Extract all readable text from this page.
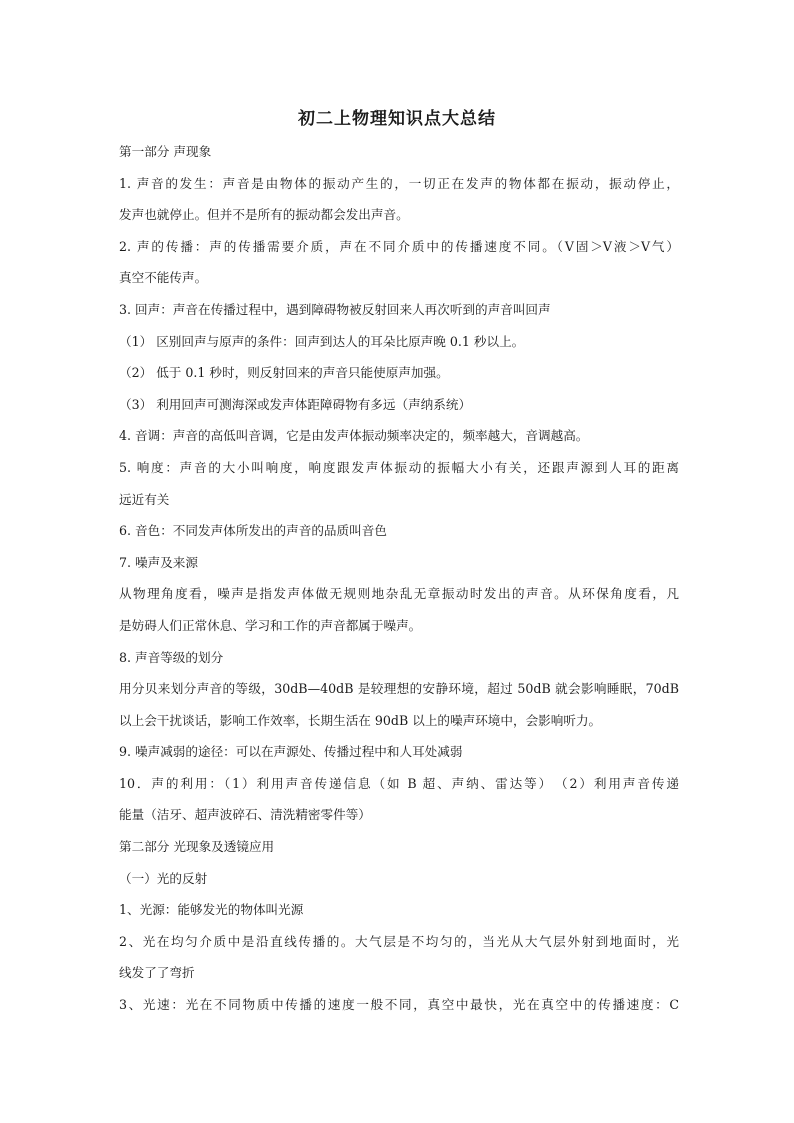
初二上物理知识点大总结

第一部分 声现象

1. 声音的发生：声音是由物体的振动产生的，一切正在发声的物体都在振动，振动停止，

发声也就停止。但并不是所有的振动都会发出声音。

2. 声的传播：声的传播需要介质，声在不同介质中的传播速度不同。（V固＞V液＞V气）

真空不能传声。

3. 回声：声音在传播过程中，遇到障碍物被反射回来人再次听到的声音叫回声

（1） 区别回声与原声的条件：回声到达人的耳朵比原声晚 0.1 秒以上。

（2） 低于 0.1 秒时，则反射回来的声音只能使原声加强。

（3） 利用回声可测海深或发声体距障碍物有多远（声纳系统）

4. 音调：声音的高低叫音调，它是由发声体振动频率决定的，频率越大，音调越高。

5. 响度：声音的大小叫响度，响度跟发声体振动的振幅大小有关，还跟声源到人耳的距离

远近有关

6. 音色：不同发声体所发出的声音的品质叫音色

7. 噪声及来源

从物理角度看，噪声是指发声体做无规则地杂乱无章振动时发出的声音。从环保角度看，凡

是妨碍人们正常休息、学习和工作的声音都属于噪声。

8. 声音等级的划分

用分贝来划分声音的等级，30dB—40dB 是较理想的安静环境，超过 50dB 就会影响睡眠，70dB

以上会干扰谈话，影响工作效率，长期生活在 90dB 以上的噪声环境中，会影响听力。

9. 噪声减弱的途径：可以在声源处、传播过程中和人耳处减弱

10．声的利用：（1）利用声音传递信息（如 B 超、声纳、雷达等）　（2）利用声音传递

能量（洁牙、超声波碎石、清洗精密零件等）

第二部分 光现象及透镜应用

（一）光的反射

1、光源：能够发光的物体叫光源

2、光在均匀介质中是沿直线传播的。大气层是不均匀的，当光从大气层外射到地面时，光

线发了了弯折

3、光速：光在不同物质中传播的速度一般不同，真空中最快，光在真空中的传播速度：C
